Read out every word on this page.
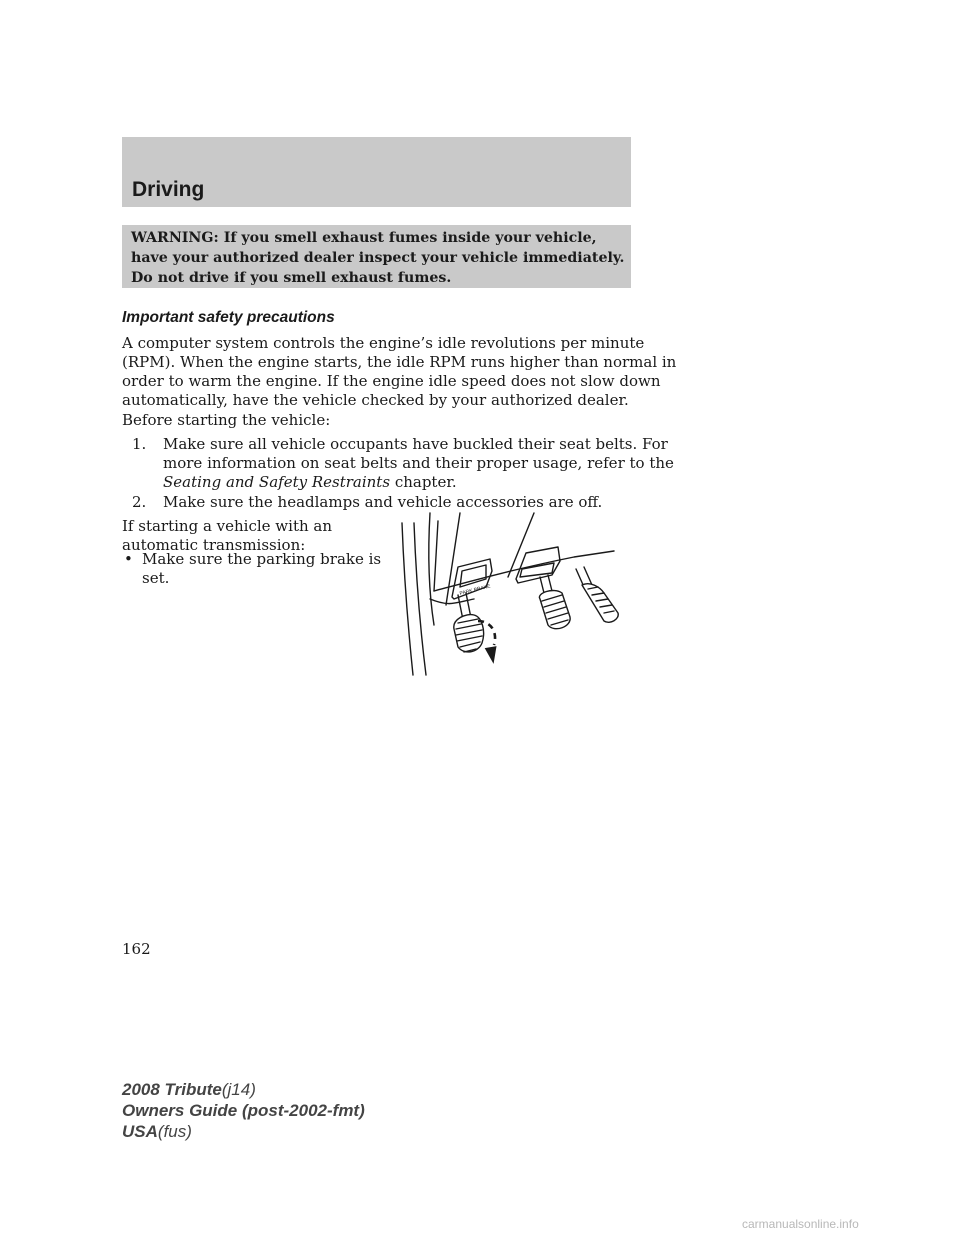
Driving
WARNING: If you smell exhaust fumes inside your vehicle,
have your authorized dealer inspect your vehicle immediately.
Do not drive if you smell exhaust fumes.
Important safety precautions
A computer system controls the engine’s idle revolutions per minute
(RPM). When the engine starts, the idle RPM runs higher than normal in
order to warm the engine. If the engine idle speed does not slow down
automatically, have the vehicle checked by your authorized dealer.
Before starting the vehicle:
1. Make sure all vehicle occupants have buckled their seat belts. For
more information on seat belts and their proper usage, refer to the
Seating and Safety Restraints chapter.
2. Make sure the headlamps and vehicle accessories are off.
If starting a vehicle with an
automatic transmission:
• Make sure the parking brake is
set.
PARK BRAKE
162
2008 Tribute(j14)
Owners Guide (post-2002-fmt)
USA(fus)
carmanualsonline.info
